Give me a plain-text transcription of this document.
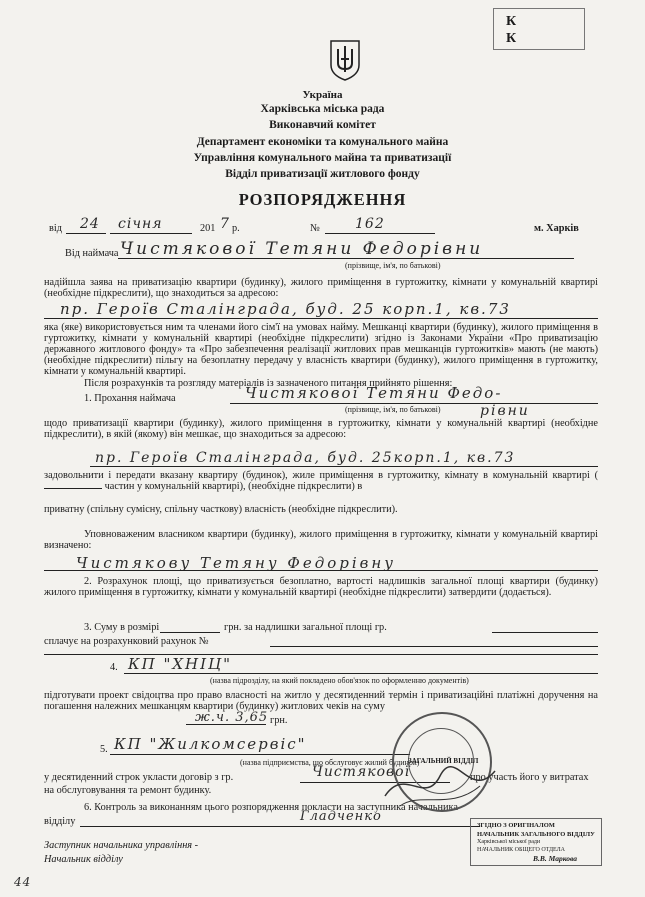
К
К
Україна
Харківська міська рада
Виконавчий комітет
Департамент економіки та комунального майна
Управління комунального майна та приватизації
Відділ приватизації житлового фонду
РОЗПОРЯДЖЕННЯ
від 24 січня	201 7 р.	№	162	м. Харків
Від наймача Чистякової Тетяни Федорівни
(прізвище, ім'я, по батькові)
надійшла заява на приватизацію квартири (будинку), жилого приміщення в гуртожитку, кімнати у комунальній квартирі (необхідне підкреслити), що знаходиться за адресою:
пр. Героїв Сталінграда, буд. 25 корп.1, кв.73
яка (яке) використовується ним та членами його сім'ї на умовах найму. Мешканці квартири (будинку), жилого приміщення в гуртожитку, кімнати у комунальній квартирі (необхідне підкреслити) згідно із Законами України «Про приватизацію державного житлового фонду» та «Про забезпечення реалізації житлових прав мешканців гуртожитків» мають (не мають) (необхідне підкреслити) пільгу на безоплатну передачу у власність квартири (будинку), жилого приміщення в гуртожитку, кімнати у комунальній квартирі.
Після розрахунків та розгляду матеріалів із зазначеного питання прийнято рішення:
1. Прохання наймача	Чистякової Тетяни Федо-
(прізвище, ім'я, по батькові)	рівни
щодо приватизації квартири (будинку), жилого приміщення в гуртожитку, кімнати у комунальній квартирі (необхідне підкреслити), в якій (якому) він мешкає, що знаходиться за адресою:
пр. Героїв Сталінграда, буд. 25корп.1, кв.73
задовольнити і передати вказану квартиру (будинок), жиле приміщення в гуртожитку, кімнату в комунальній квартирі (  частин у комунальній квартирі), (необхідне підкреслити) в
приватну (спільну сумісну, спільну часткову) власність (необхідне підкреслити).
Уповноваженим власником квартири (будинку), жилого приміщення в гуртожитку, кімнати у комунальній квартирі визначено:
Чистякову Тетяну Федорівну
2. Розрахунок площі, що приватизується безоплатно, вартості надлишків загальної площі квартири (будинку) жилого приміщення в гуртожитку, кімнати у комунальній квартирі (необхідне підкреслити) затвердити (додається).
3. Суму в розмірі	грн. за надлишки загальної площі гр.
сплачує на розрахунковий рахунок №
4. КП "ХНІЦ"
(назва підрозділу, на який покладено обов'язок по оформленню документів)
підготувати проект свідоцтва про право власності на житло у десятиденний термін і приватизаційні платіжні доручення на погашення належних мешканцям квартири (будинку) житлових чеків на суму
ж.ч. 3,65 грн.
5. КП "Жилкомсервіс"
(назва підприємства, що обслуговує жилий будинок)
у десятиденний строк укласти договір з гр.	Чистякової	про участь його у витратах
на обслуговування та ремонт будинку.
6. Контроль за виконанням цього розпорядження покласти на заступника начальника
відділу	Гладченко
Заступник начальника управління -
Начальник відділу
ЗАГАЛЬНИЙ ВІДДІЛ
ЗГІДНО З ОРИГІНАЛОМ
НАЧАЛЬНИК ЗАГАЛЬНОГО ВІДДІЛУ
Харківської міської ради
НАЧАЛЬНИК ОБЩЕГО ОТДЕЛА
В.В. Маркова
44
